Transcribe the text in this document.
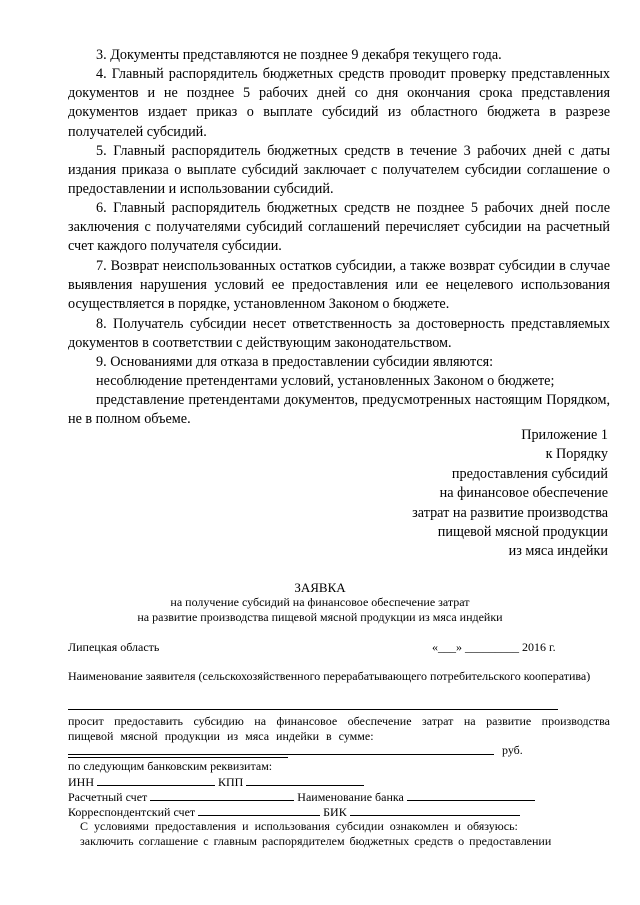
3. Документы представляются не позднее 9 декабря текущего года.

4. Главный распорядитель бюджетных средств проводит проверку представленных документов и не позднее 5 рабочих дней со дня окончания срока представления документов издает приказ о выплате субсидий из областного бюджета в разрезе получателей субсидий.

5. Главный распорядитель бюджетных средств в течение 3 рабочих дней с даты издания приказа о выплате субсидий заключает с получателем субсидии соглашение о предоставлении и использовании субсидий.

6. Главный распорядитель бюджетных средств не позднее 5 рабочих дней после заключения с получателями субсидий соглашений перечисляет субсидии на расчетный счет каждого получателя субсидии.

7. Возврат неиспользованных остатков субсидии, а также возврат субсидии в случае выявления нарушения условий ее предоставления или ее нецелевого использования осуществляется в порядке, установленном Законом о бюджете.

8. Получатель субсидии несет ответственность за достоверность представляемых документов в соответствии с действующим законодательством.

9. Основаниями для отказа в предоставлении субсидии являются:

несоблюдение претендентами условий, установленных Законом о бюджете;

представление претендентами документов, предусмотренных настоящим Порядком, не в полном объеме.

Приложение 1
к Порядку
предоставления субсидий
на финансовое обеспечение
затрат на развитие производства
пищевой мясной продукции
из мяса индейки
ЗАЯВКА
на получение субсидий на финансовое обеспечение затрат
на развитие производства пищевой мясной продукции из мяса индейки
Липецкая область	«___» _________ 2016 г.
Наименование заявителя (сельскохозяйственного перерабатывающего потребительского кооператива)
просит предоставить субсидию на финансовое обеспечение затрат на развитие производства пищевой мясной продукции из мяса индейки в сумме:
руб.
по следующим банковским реквизитам:
ИНН	КПП
Расчетный счет	Наименование банка
Корреспондентский счет	БИК
С условиями предоставления и использования субсидии ознакомлен и обязуюсь:
заключить соглашение с главным распорядителем бюджетных средств о предоставлении
